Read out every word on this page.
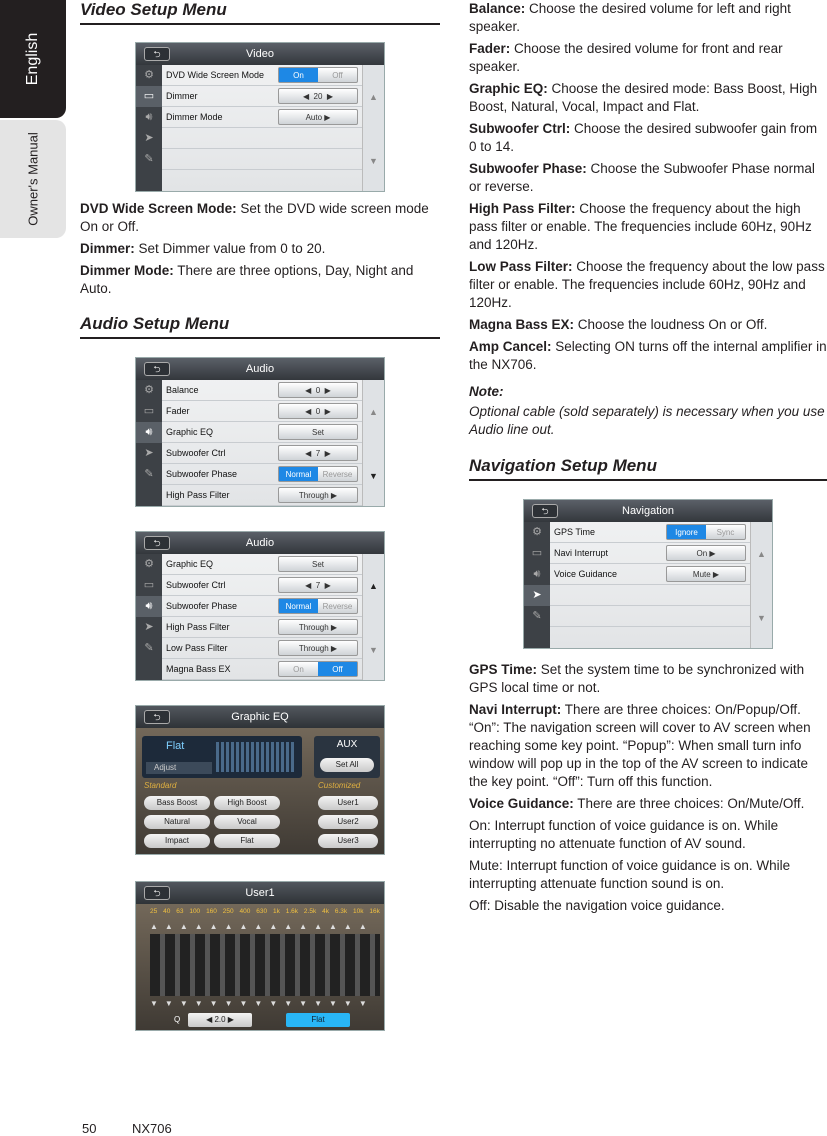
English
Owner's Manual
Video Setup Menu
⮌	Video
⚙
▭
🔊︎
➤
✎
DVD Wide Screen Mode	On	Off
Dimmer	◀ 20 ▶
Dimmer Mode	Auto ▶
▲
▼

DVD Wide Screen Mode: Set the DVD wide screen mode On or Off.

Dimmer: Set Dimmer value from 0 to 20.

Dimmer Mode: There are three options, Day, Night and Auto.

Audio Setup Menu
⮌	Audio
⚙
▭
🔊︎
➤
✎
Balance	◀ 0 ▶
Fader	◀ 0 ▶
Graphic EQ	Set
Subwoofer Ctrl	◀ 7 ▶
Subwoofer Phase	Normal	Reverse
High Pass Filter	Through ▶
▲
▼
⮌	Audio
⚙
▭
🔊︎
➤
✎
Graphic EQ	Set
Subwoofer Ctrl	◀ 7 ▶
Subwoofer Phase	Normal	Reverse
High Pass Filter	Through ▶
Low Pass Filter	Through ▶
Magna Bass EX	On	Off
▲
▼
⮌	Graphic EQ
Flat
Adjust
AUX
Set All
Standard	Customized
Bass Boost	High Boost
Natural	Vocal
Impact	Flat
User1
User2
User3
⮌	User1
25 40 63 100 160 250 400 630 1k 1.6k 2.5k 4k 6.3k 10k 16k
▲▲▲▲▲▲▲▲▲▲▲▲▲▲▲
▼▼▼▼▼▼▼▼▼▼▼▼▼▼▼
Q	◀ 2.0 ▶	Flat

Balance: Choose the desired volume for left and right speaker.

Fader: Choose the desired volume for front and rear speaker.

Graphic EQ: Choose the desired mode: Bass Boost, High Boost, Natural, Vocal, Impact and Flat.

Subwoofer Ctrl: Choose the desired subwoofer gain from 0 to 14.

Subwoofer Phase: Choose the Subwoofer Phase normal or reverse.

High Pass Filter: Choose the frequency about the high pass filter or enable. The frequencies include 60Hz, 90Hz and 120Hz.

Low Pass Filter: Choose the frequency about the low pass filter or enable. The frequencies include 60Hz, 90Hz and 120Hz.

Magna Bass EX: Choose the loudness On or Off.

Amp Cancel: Selecting ON turns off the internal amplifier in the NX706.

Note:
Optional cable (sold separately) is necessary when you use Audio line out.
Navigation Setup Menu
⮌	Navigation
⚙
▭
🔊︎
➤
✎
GPS Time	Ignore	Sync
Navi Interrupt	On ▶
Voice Guidance	Mute ▶
▲
▼

GPS Time: Set the system time to be synchronized with GPS local time or not.

Navi Interrupt: There are three choices: On/Popup/Off. “On”: The navigation screen will cover to AV screen when reaching some key point. “Popup”: When small turn info window will pop up in the top of the AV screen to indicate the key point. “Off”: Turn off this function.

Voice Guidance: There are three choices: On/Mute/Off.

On: Interrupt function of voice guidance is on. While interrupting no attenuate function of AV sound.

Mute: Interrupt function of voice guidance is on. While interrupting attenuate function sound is on.

Off: Disable the navigation voice guidance.

50	NX706
